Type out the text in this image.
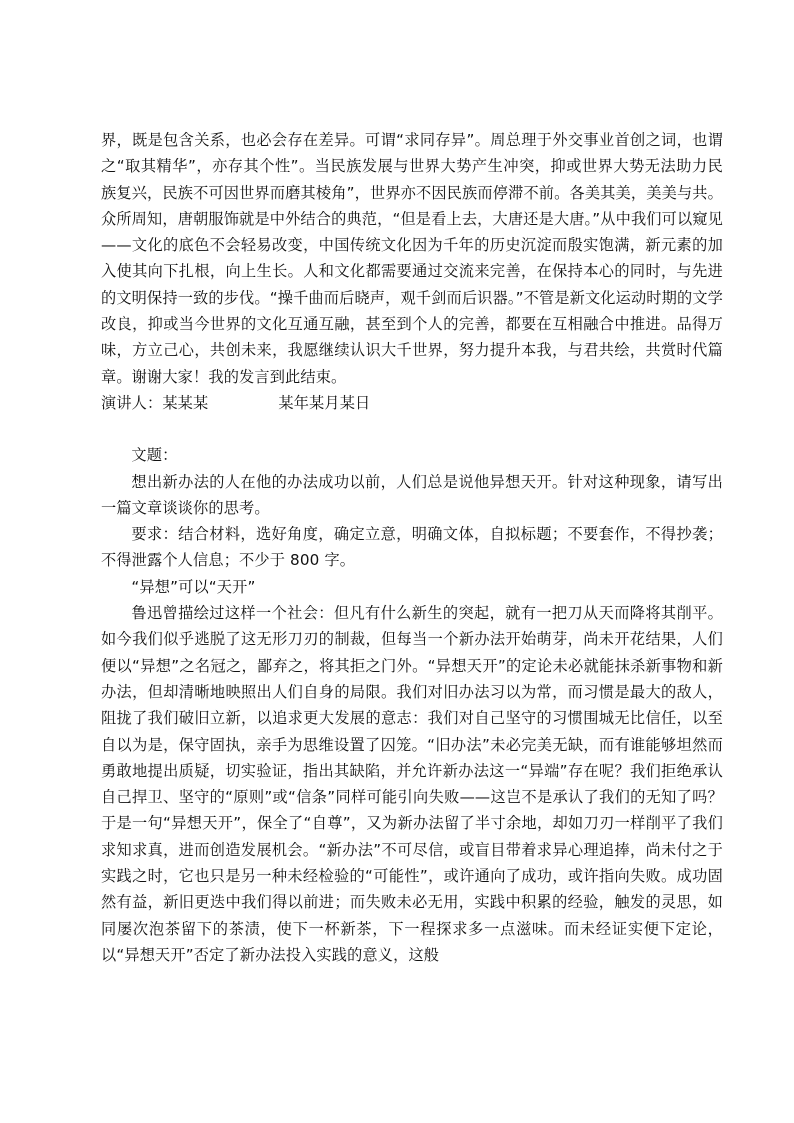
界，既是包含关系，也必会存在差异。可谓“求同存异”。周总理于外交事业首创之词，也谓之“取其精华”，亦存其个性”。当民族发展与世界大势产生冲突，抑或世界大势无法助力民族复兴，民族不可因世界而磨其棱角”，世界亦不因民族而停滞不前。各美其美，美美与共。众所周知，唐朝服饰就是中外结合的典范，“但是看上去，大唐还是大唐。”从中我们可以窥见——文化的底色不会轻易改变，中国传统文化因为千年的历史沉淀而殷实饱满，新元素的加入使其向下扎根，向上生长。人和文化都需要通过交流来完善，在保持本心的同时，与先进的文明保持一致的步伐。“操千曲而后晓声，观千剑而后识器。”不管是新文化运动时期的文学改良，抑或当今世界的文化互通互融，甚至到个人的完善，都要在互相融合中推进。品得万味，方立己心，共创未来，我愿继续认识大千世界，努力提升本我，与君共绘，共赏时代篇章。谢谢大家！我的发言到此结束。

演讲人：某某某	某年某月某日

文题：

想出新办法的人在他的办法成功以前，人们总是说他异想天开。针对这种现象，请写出一篇文章谈谈你的思考。

要求：结合材料，选好角度，确定立意，明确文体，自拟标题；不要套作，不得抄袭；不得泄露个人信息；不少于 800 字。

“异想”可以“天开”

鲁迅曾描绘过这样一个社会：但凡有什么新生的突起，就有一把刀从天而降将其削平。如今我们似乎逃脱了这无形刀刃的制裁，但每当一个新办法开始萌芽，尚未开花结果，人们便以“异想”之名冠之，鄙弃之，将其拒之门外。“异想天开”的定论未必就能抹杀新事物和新办法，但却清晰地映照出人们自身的局限。我们对旧办法习以为常，而习惯是最大的敌人，阻拢了我们破旧立新，以追求更大发展的意志：我们对自己坚守的习惯围城无比信任，以至自以为是，保守固执，亲手为思维设置了囚笼。“旧办法”未必完美无缺，而有谁能够坦然而勇敢地提出质疑，切实验证，指出其缺陷，并允许新办法这一“异端”存在呢？我们拒绝承认自己捍卫、坚守的“原则”或“信条”同样可能引向失败——这岂不是承认了我们的无知了吗？于是一句“异想天开”，保全了“自尊”，又为新办法留了半寸余地，却如刀刃一样削平了我们求知求真，进而创造发展机会。“新办法”不可尽信，或盲目带着求异心理追捧，尚未付之于实践之时，它也只是另一种未经检验的“可能性”，或许通向了成功，或许指向失败。成功固然有益，新旧更迭中我们得以前进；而失败未必无用，实践中积累的经验，触发的灵思，如同屡次泡茶留下的茶渍，使下一杯新茶，下一程探求多一点滋味。而未经证实便下定论，以“异想天开”否定了新办法投入实践的意义，这般
